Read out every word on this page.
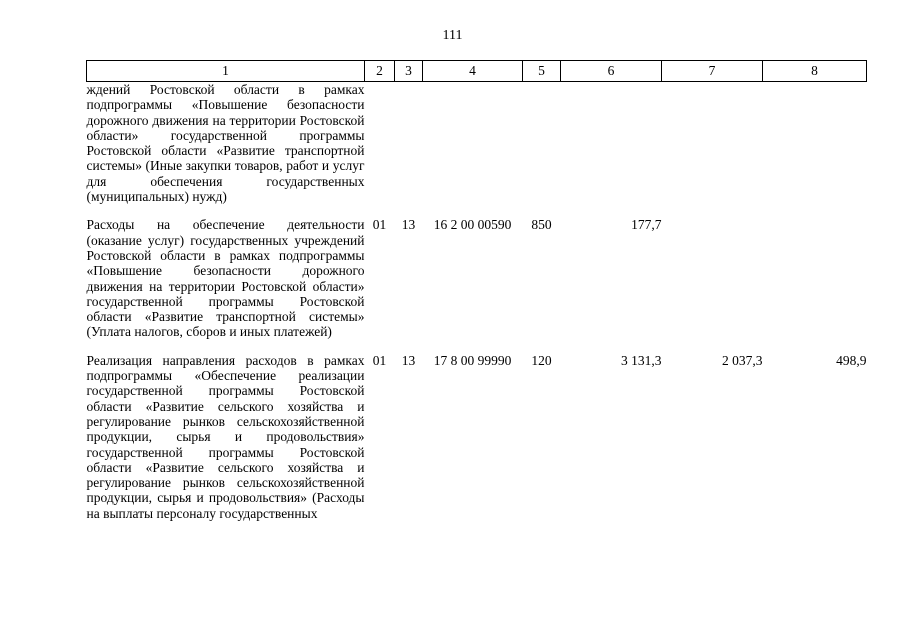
111
1	2	3	4	5	6	7	8
ждений Ростовской области в рамках подпрограммы «Повышение безопасности дорожного движения на территории Ростовской области» государственной программы Ростовской области «Развитие транспортной системы» (Иные закупки товаров, работ и услуг для обеспечения государственных (муниципальных) нужд)							

Расходы на обеспечение деятельности (оказание услуг) государственных учреждений Ростовской области в рамках подпрограммы «Повышение безопасности дорожного движения на территории Ростовской области» государственной программы Ростовской области «Развитие транспортной системы» (Уплата налогов, сборов и иных платежей)	01	13	16 2 00 00590	850	177,7		

Реализация направления расходов в рамках подпрограммы «Обеспечение реализации государственной программы Ростовской области «Развитие сельского хозяйства и регулирование рынков сельскохозяйственной продукции, сырья и продовольствия» государственной программы Ростовской области «Развитие сельского хозяйства и регулирование рынков сельскохозяйственной продукции, сырья и продовольствия» (Расходы на выплаты персоналу государственных	01	13	17 8 00 99990	120	3 131,3	2 037,3	498,9
